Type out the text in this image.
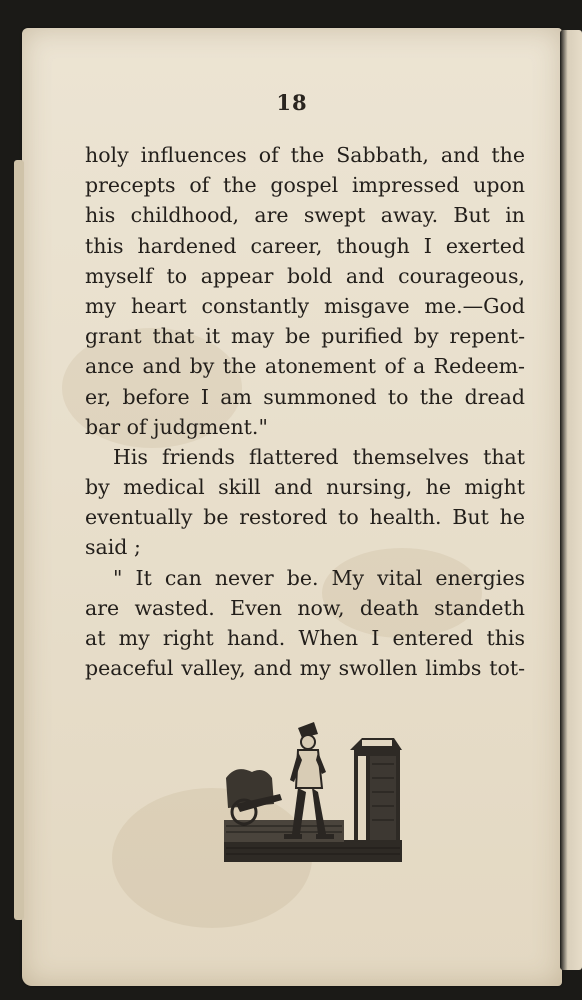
18
holy influences of the Sabbath, and the
precepts of the gospel impressed upon
his childhood, are swept away. But in
this hardened career, though I exerted
myself to appear bold and courageous,
my heart constantly misgave me.—God
grant that it may be purified by repent-
ance and by the atonement of a Redeem-
er, before I am summoned to the dread
bar of judgment."
His friends flattered themselves that
by medical skill and nursing, he might
eventually be restored to health. But he
said ;
" It can never be. My vital energies
are wasted. Even now, death standeth
at my right hand. When I entered this
peaceful valley, and my swollen limbs tot-
